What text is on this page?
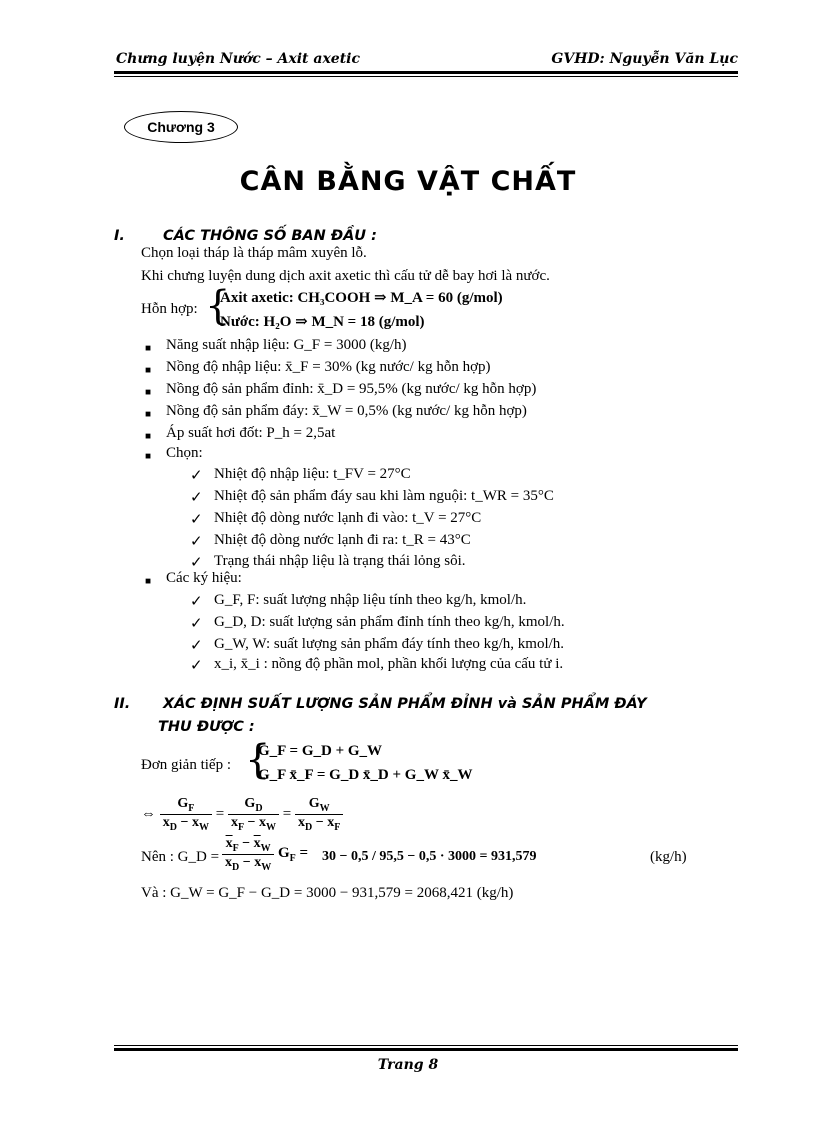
Chưng luyện Nước – Axit axetic	GVHD: Nguyễn Văn Lục
Chương 3
CÂN BẰNG VẬT CHẤT
I.	CÁC THÔNG SỐ BAN ĐẦU :
Chọn loại tháp là tháp mâm xuyên lỗ.
Khi chưng luyện dung dịch axit axetic thì cấu tử dễ bay hơi là nước.
Hỗn hợp: {
Axit axetic: CH₃COOH ⇒ M_A = 60 (g/mol)
Nước: H₂O ⇒ M_N = 18 (g/mol)
■ Năng suất nhập liệu: G_F = 3000 (kg/h)
■ Nồng độ nhập liệu: x̄_F = 30% (kg nước/ kg hỗn hợp)
■ Nồng độ sản phẩm đỉnh: x̄_D = 95,5% (kg nước/ kg hỗn hợp)
■ Nồng độ sản phẩm đáy: x̄_W = 0,5% (kg nước/ kg hỗn hợp)
■ Áp suất hơi đốt: P_h = 2,5at
■ Chọn:
✓ Nhiệt độ nhập liệu: t_FV = 27°C
✓ Nhiệt độ sản phẩm đáy sau khi làm nguội: t_WR = 35°C
✓ Nhiệt độ dòng nước lạnh đi vào: t_V = 27°C
✓ Nhiệt độ dòng nước lạnh đi ra: t_R = 43°C
✓ Trạng thái nhập liệu là trạng thái lỏng sôi.
■ Các ký hiệu:
✓ G_F, F: suất lượng nhập liệu tính theo kg/h, kmol/h.
✓ G_D, D: suất lượng sản phẩm đỉnh tính theo kg/h, kmol/h.
✓ G_W, W: suất lượng sản phẩm đáy tính theo kg/h, kmol/h.
✓ x_i, x̄_i : nồng độ phần mol, phần khối lượng của cấu tử i.
II. XÁC ĐỊNH SUẤT LƯỢNG SẢN PHẨM ĐỈNH và SẢN PHẨM ĐÁY
THU ĐƯỢC :
Đơn giản tiếp : {
G_F = G_D + G_W
G_F x̄_F = G_D x̄_D + G_W x̄_W
⇔ $\frac{G_F}{\overline{x}_D - \overline{x}_W} = \frac{G_D}{\overline{x}_F - \overline{x}_W} = \frac{G_W}{\overline{x}_D - \overline{x}_F}$
Nên : G_D = $\frac{\overline{x}_F - \overline{x}_W}{\overline{x}_D - \overline{x}_W} G_F = 30 - 0,5 / 95,5 - 0,5 \cdot 3000 = 931,579$	(kg/h)
Và : G_W = G_F − G_D = 3000 − 931,579 = 2068,421 (kg/h)
Trang 8
